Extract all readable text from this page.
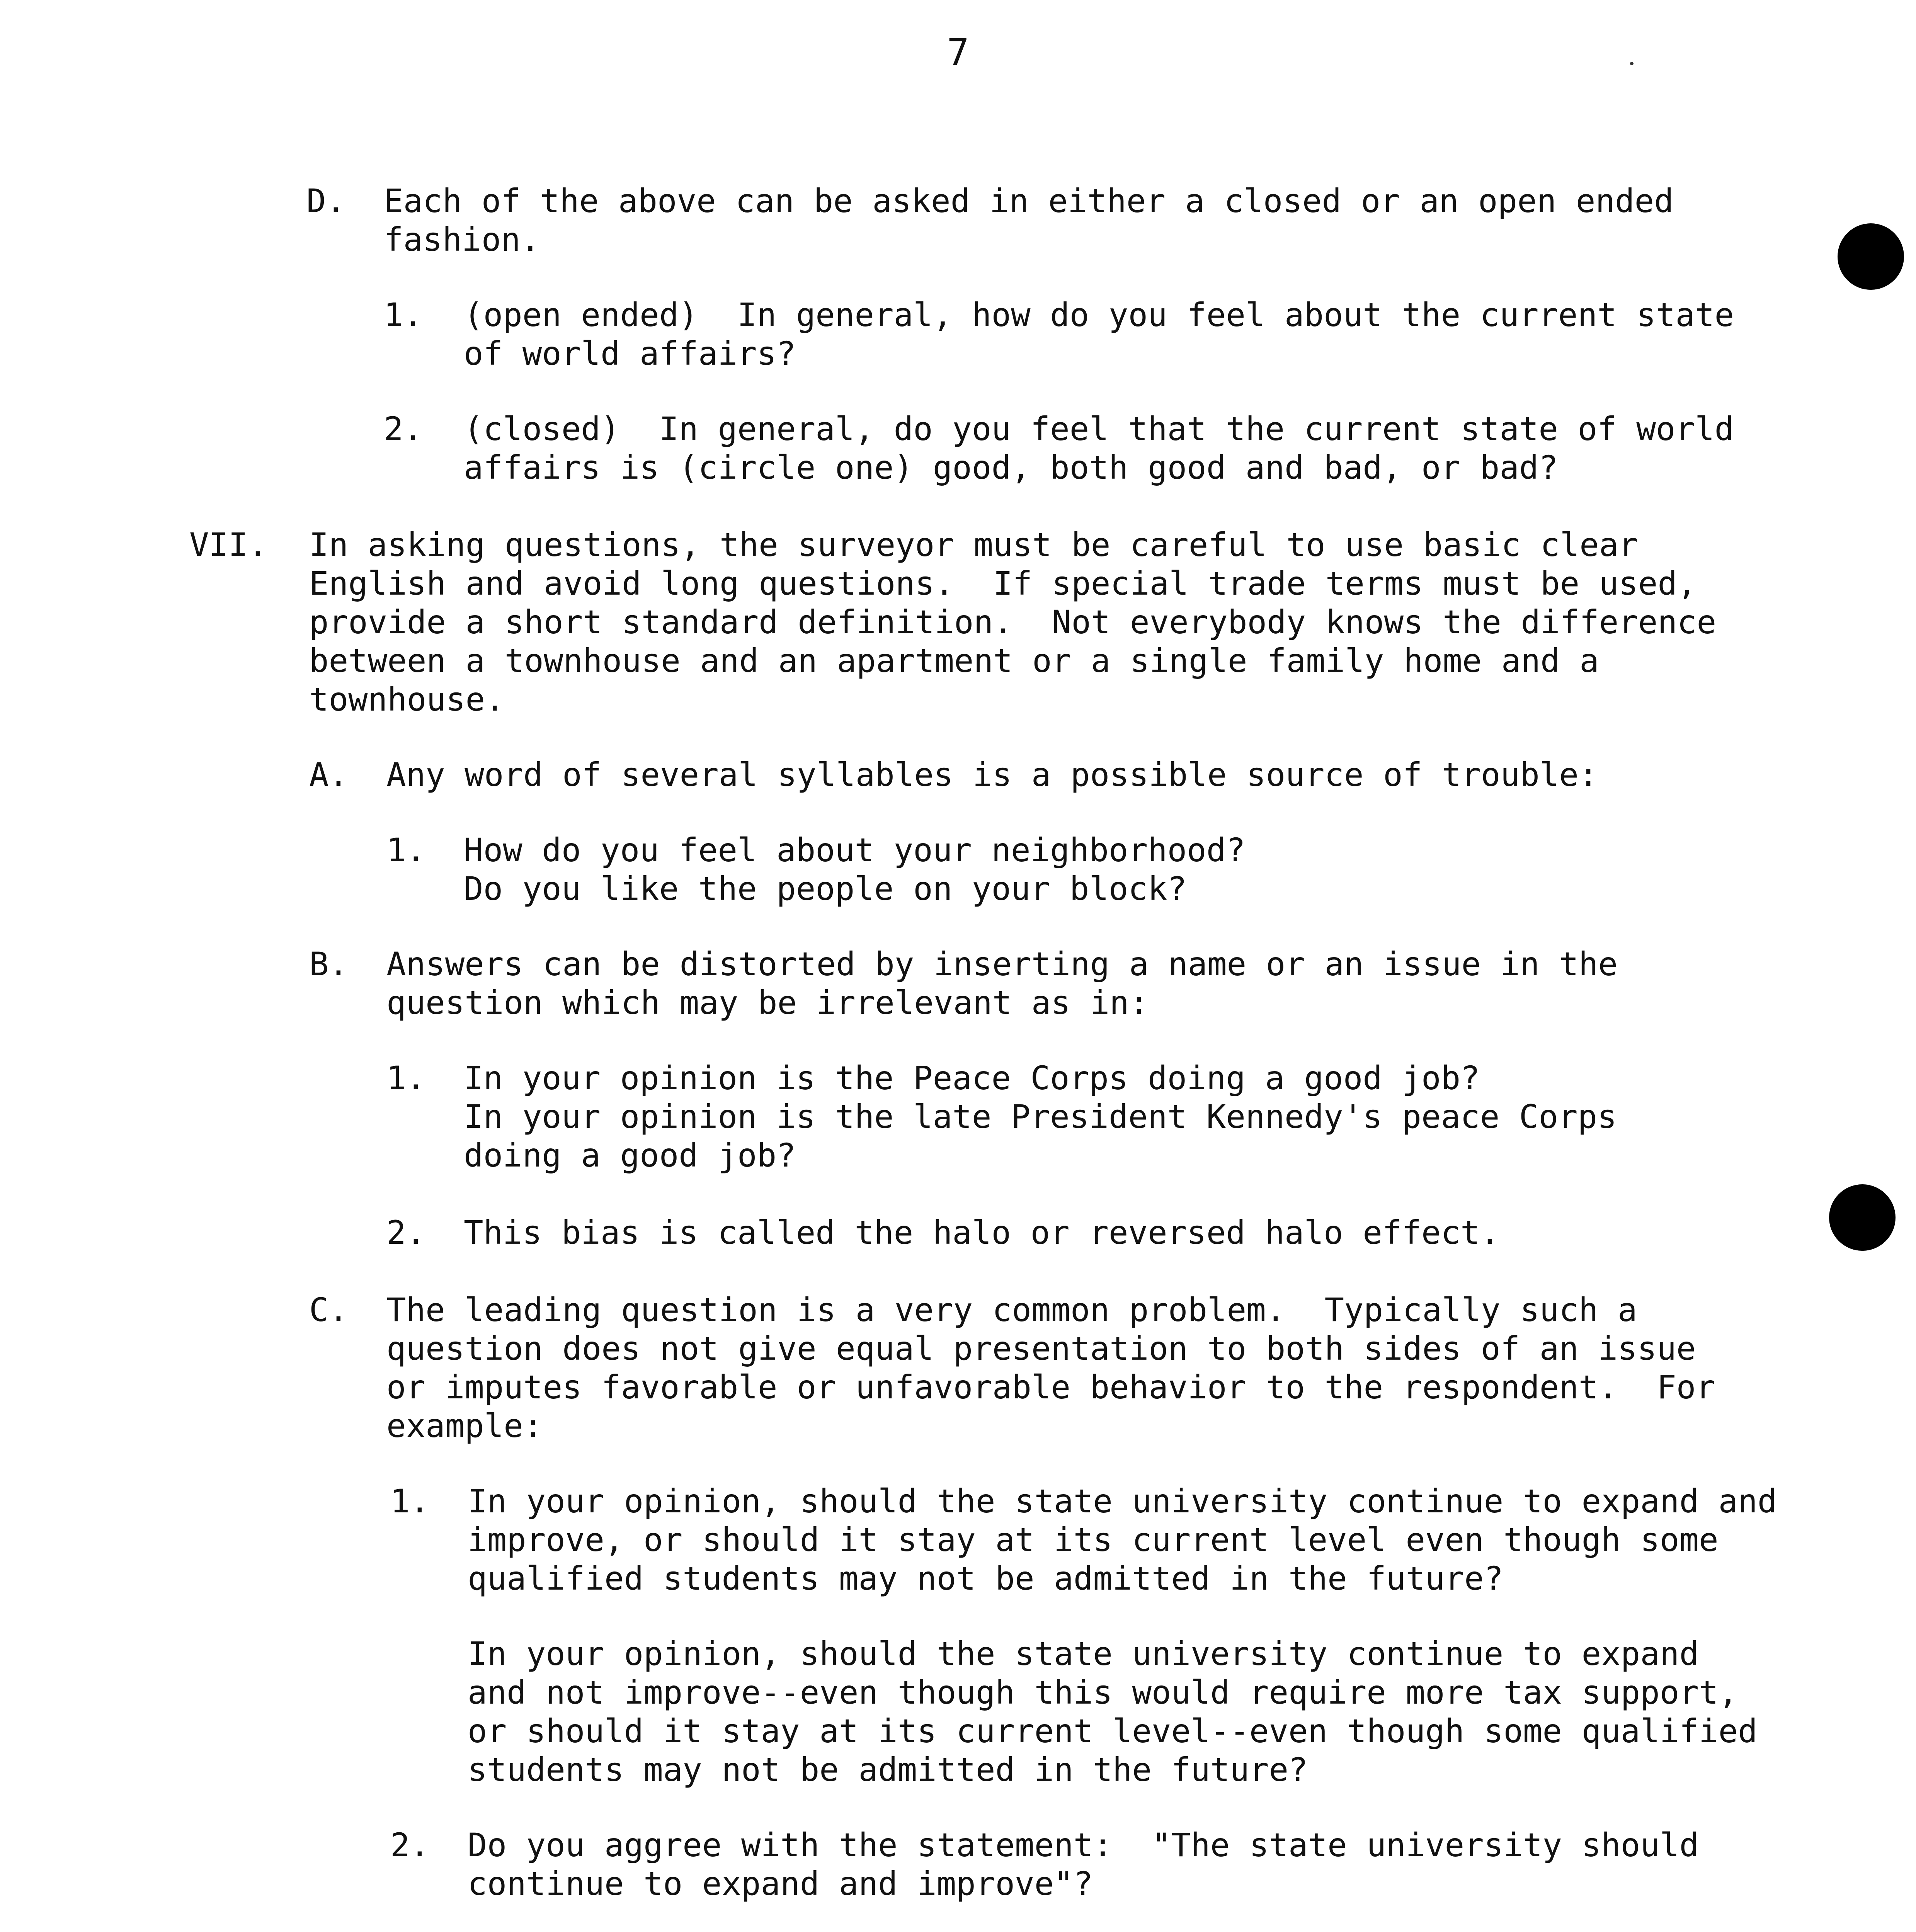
7
D. Each of the above can be asked in either a closed or an open ended
fashion.
1. (open ended)  In general, how do you feel about the current state
of world affairs?
2. (closed)  In general, do you feel that the current state of world
affairs is (circle one) good, both good and bad, or bad?
VII. In asking questions, the surveyor must be careful to use basic clear
English and avoid long questions.  If special trade terms must be used,
provide a short standard definition.  Not everybody knows the difference
between a townhouse and an apartment or a single family home and a
townhouse.
A. Any word of several syllables is a possible source of trouble:
1. How do you feel about your neighborhood?
Do you like the people on your block?
B. Answers can be distorted by inserting a name or an issue in the
question which may be irrelevant as in:
1. In your opinion is the Peace Corps doing a good job?
In your opinion is the late President Kennedy's peace Corps
doing a good job?
2. This bias is called the halo or reversed halo effect.
C. The leading question is a very common problem.  Typically such a
question does not give equal presentation to both sides of an issue
or imputes favorable or unfavorable behavior to the respondent.  For
example:
1. In your opinion, should the state university continue to expand and
improve, or should it stay at its current level even though some
qualified students may not be admitted in the future?
In your opinion, should the state university continue to expand
and not improve--even though this would require more tax support,
or should it stay at its current level--even though some qualified
students may not be admitted in the future?
2. Do you aggree with the statement:  "The state university should
continue to expand and improve"?
